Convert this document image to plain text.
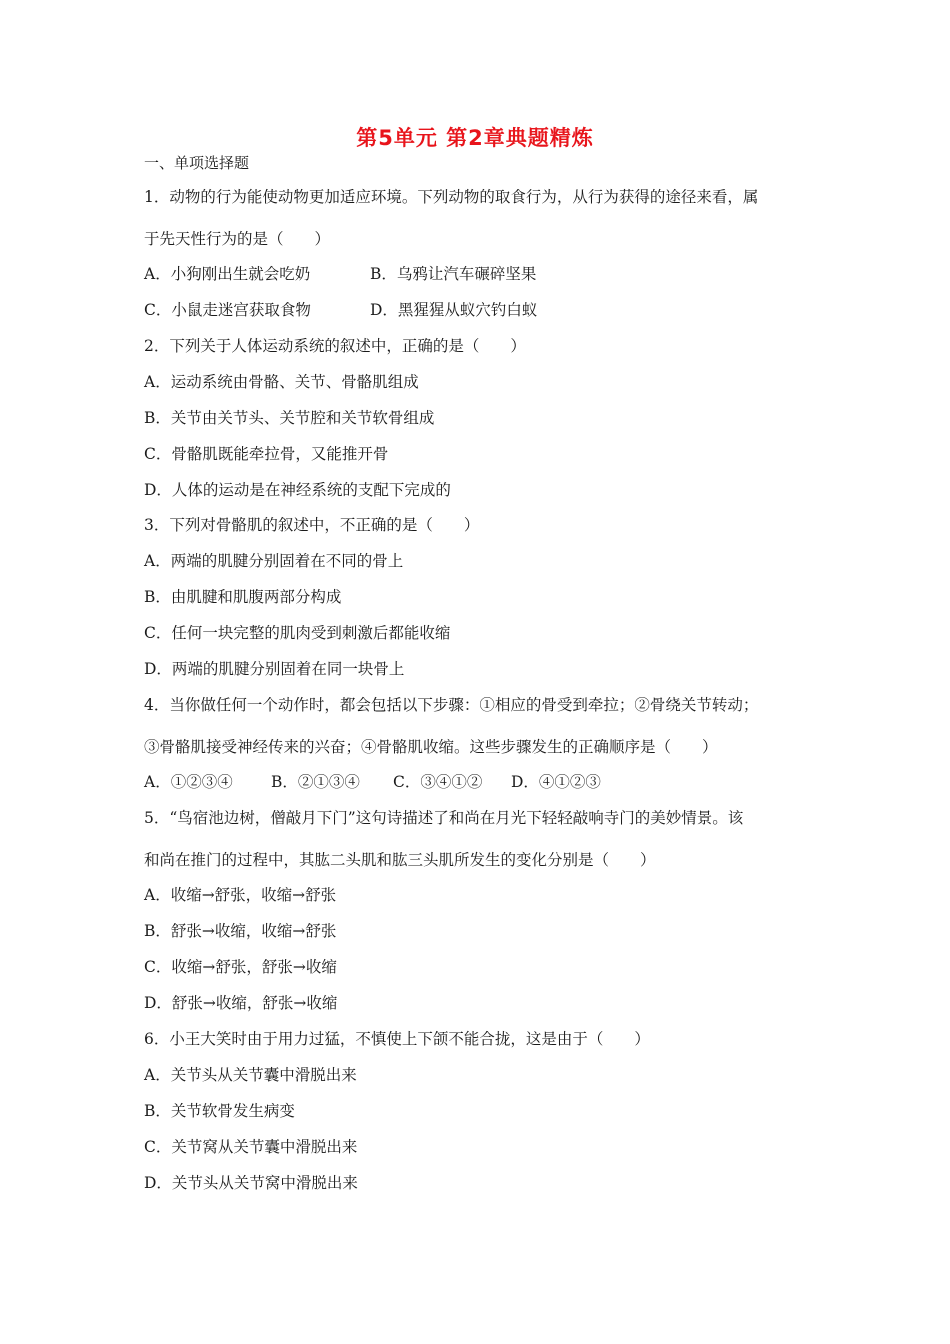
第5单元 第2章典题精炼
一、单项选择题
1．动物的行为能使动物更加适应环境。下列动物的取食行为，从行为获得的途径来看，属
于先天性行为的是（　　）
A．小狗刚出生就会吃奶	B．乌鸦让汽车碾碎坚果
C．小鼠走迷宫获取食物	D．黑猩猩从蚁穴钓白蚁
2．下列关于人体运动系统的叙述中，正确的是（　　）
A．运动系统由骨骼、关节、骨骼肌组成
B．关节由关节头、关节腔和关节软骨组成
C．骨骼肌既能牵拉骨，又能推开骨
D．人体的运动是在神经系统的支配下完成的
3．下列对骨骼肌的叙述中，不正确的是（　　）
A．两端的肌腱分别固着在不同的骨上
B．由肌腱和肌腹两部分构成
C．任何一块完整的肌肉受到刺激后都能收缩
D．两端的肌腱分别固着在同一块骨上
4．当你做任何一个动作时，都会包括以下步骤：①相应的骨受到牵拉；②骨绕关节转动；
③骨骼肌接受神经传来的兴奋；④骨骼肌收缩。这些步骤发生的正确顺序是（　　）
A．①②③④ B．②①③④ C．③④①② D．④①②③
5．“鸟宿池边树，僧敲月下门”这句诗描述了和尚在月光下轻轻敲响寺门的美妙情景。该
和尚在推门的过程中，其肱二头肌和肱三头肌所发生的变化分别是（　　）
A．收缩→舒张，收缩→舒张
B．舒张→收缩，收缩→舒张
C．收缩→舒张，舒张→收缩
D．舒张→收缩，舒张→收缩
6．小王大笑时由于用力过猛，不慎使上下颌不能合拢，这是由于（　　）
A．关节头从关节囊中滑脱出来
B．关节软骨发生病变
C．关节窝从关节囊中滑脱出来
D．关节头从关节窝中滑脱出来
